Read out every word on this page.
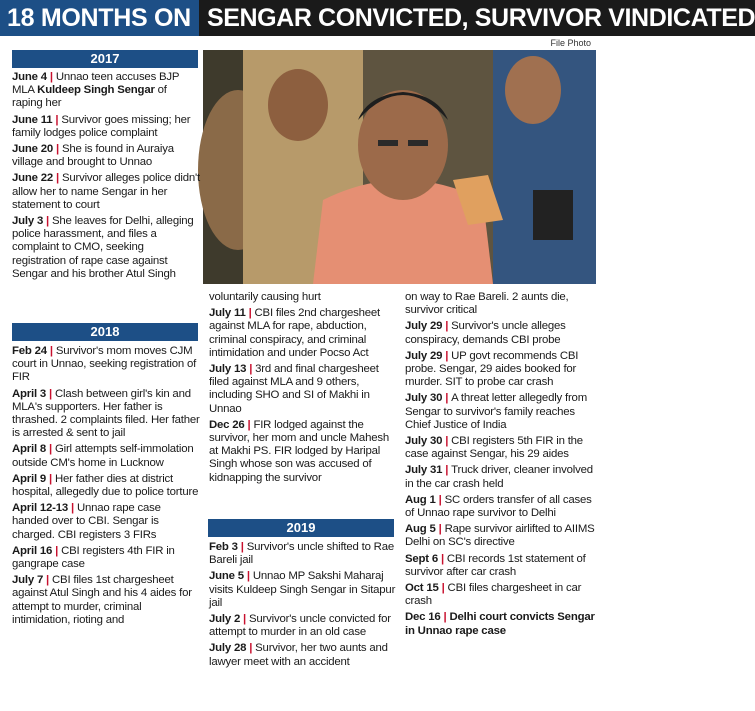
18 MONTHS ON SENGAR CONVICTED, SURVIVOR VINDICATED
File Photo
2017
2018
2019
June 4 | Unnao teen accuses BJP MLA Kuldeep Singh Sengar of raping her
June 11 | Survivor goes missing; her family lodges police complaint
June 20 | She is found in Auraiya village and brought to Unnao
June 22 | Survivor alleges police didn't allow her to name Sengar in her statement to court
July 3 | She leaves for Delhi, alleging police harassment, and files a complaint to CMO, seeking registration of rape case against Sengar and his brother Atul Singh
Feb 24 | Survivor's mom moves CJM court in Unnao, seeking registration of FIR
April 3 | Clash between girl's kin and MLA's supporters. Her father is thrashed. 2 complaints filed. Her father is arrested & sent to jail
April 8 | Girl attempts self-immolation outside CM's home in Lucknow
April 9 | Her father dies at district hospital, allegedly due to police torture
April 12-13 | Unnao rape case handed over to CBI. Sengar is charged. CBI registers 3 FIRs
April 16 | CBI registers 4th FIR in gangrape case
July 7 | CBI files 1st chargesheet against Atul Singh and his 4 aides for attempt to murder, criminal intimidation, rioting and
voluntarily causing hurt
July 11 | CBI files 2nd chargesheet against MLA for rape, abduction, criminal conspiracy, and criminal intimidation and under Pocso Act
July 13 | 3rd and final chargesheet filed against MLA and 9 others, including SHO and SI of Makhi in Unnao
Dec 26 | FIR lodged against the survivor, her mom and uncle Mahesh at Makhi PS. FIR lodged by Haripal Singh whose son was accused of kidnapping the survivor
Feb 3 | Survivor's uncle shifted to Rae Bareli jail
June 5 | Unnao MP Sakshi Maharaj visits Kuldeep Singh Sengar in Sitapur jail
July 2 | Survivor's uncle convicted for attempt to murder in an old case
July 28 | Survivor, her two aunts and lawyer meet with an accident
on way to Rae Bareli. 2 aunts die, survivor critical
July 29 | Survivor's uncle alleges conspiracy, demands CBI probe
July 29 | UP govt recommends CBI probe. Sengar, 29 aides booked for murder. SIT to probe car crash
July 30 | A threat letter allegedly from Sengar to survivor's family reaches Chief Justice of India
July 30 | CBI registers 5th FIR in the case against Sengar, his 29 aides
July 31 | Truck driver, cleaner involved in the car crash held
Aug 1 | SC orders transfer of all cases of Unnao rape survivor to Delhi
Aug 5 | Rape survivor airlifted to AIIMS Delhi on SC's directive
Sept 6 | CBI records 1st statement of survivor after car crash
Oct 15 | CBI files chargesheet in car crash
Dec 16 | Delhi court convicts Sengar in Unnao rape case
